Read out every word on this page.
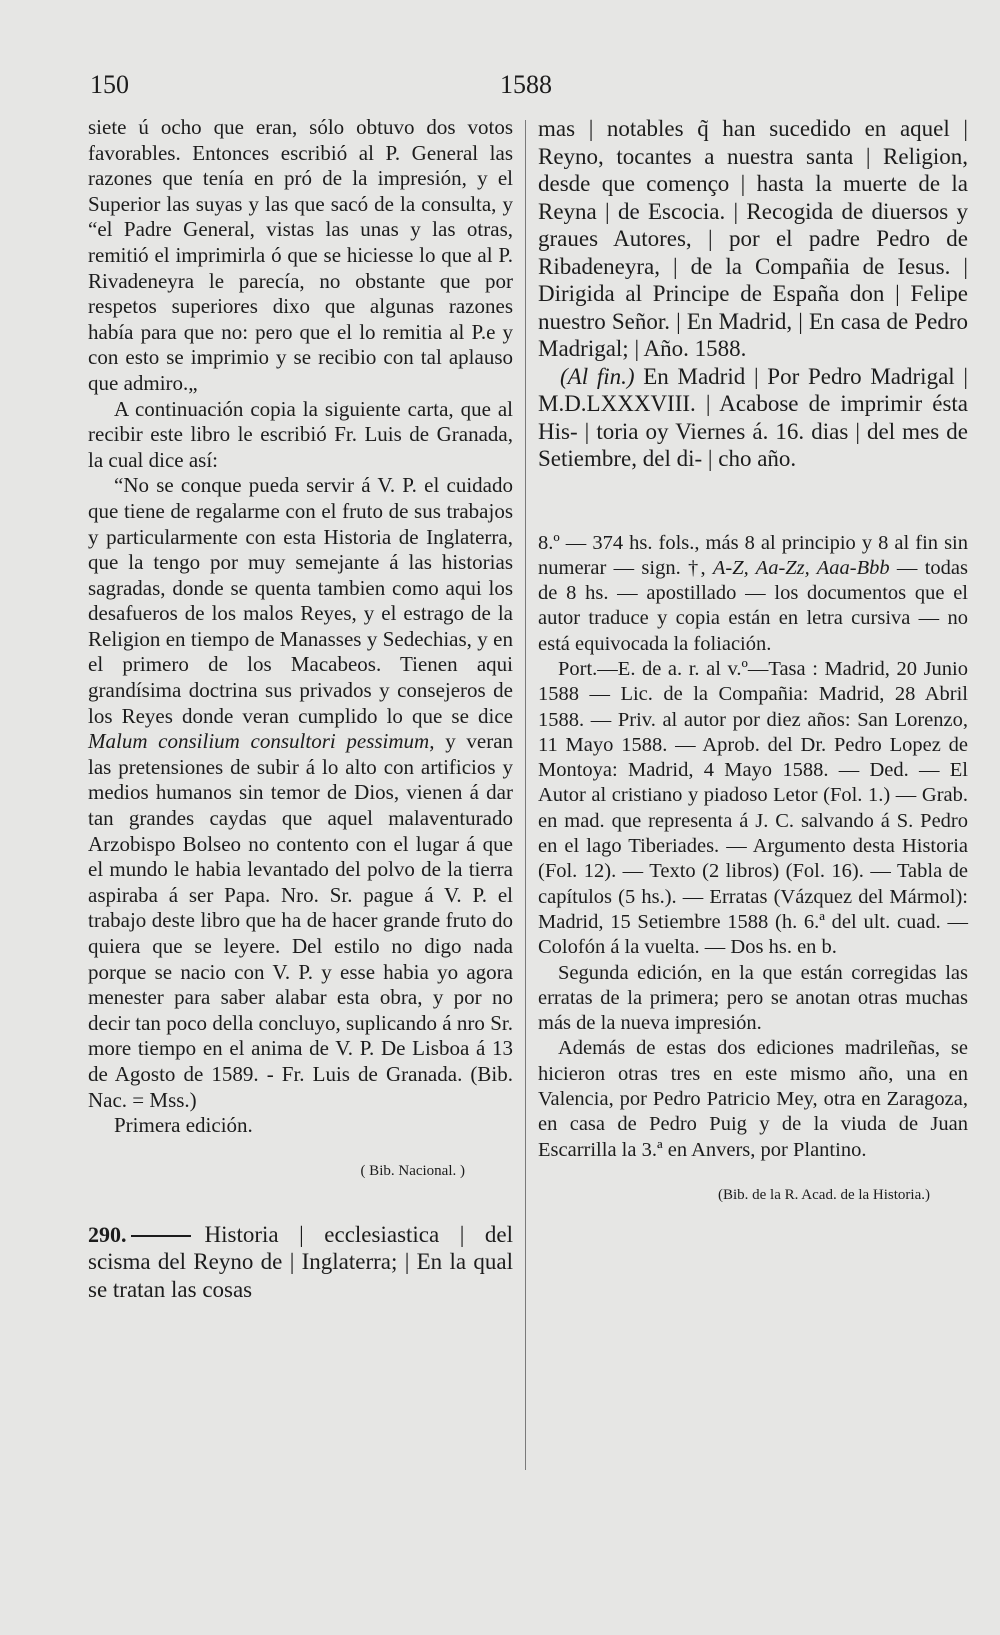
150	1588

siete ú ocho que eran, sólo obtuvo dos votos favorables. Entonces escribió al P. General las razones que tenía en pró de la impresión, y el Superior las suyas y las que sacó de la consulta, y “el Padre General, vistas las unas y las otras, remitió el imprimirla ó que se hiciesse lo que al P. Rivadeneyra le parecía, no obstante que por respetos superiores dixo que algunas razones había para que no: pero que el lo remitia al P.e y con esto se imprimio y se recibio con tal aplauso que admiro.„

A continuación copia la siguiente carta, que al recibir este libro le escribió Fr. Luis de Granada, la cual dice así:

“No se conque pueda servir á V. P. el cuidado que tiene de regalarme con el fruto de sus trabajos y particularmente con esta Historia de Inglaterra, que la tengo por muy semejante á las historias sagradas, donde se quenta tambien como aqui los desafueros de los malos Reyes, y el estrago de la Religion en tiempo de Manasses y Sedechias, y en el primero de los Macabeos. Tienen aqui grandísima doctrina sus privados y consejeros de los Reyes donde veran cumplido lo que se dice Malum consilium consultori pessimum, y veran las pretensiones de subir á lo alto con artificios y medios humanos sin temor de Dios, vienen á dar tan grandes caydas que aquel malaventurado Arzobispo Bolseo no contento con el lugar á que el mundo le habia levantado del polvo de la tierra aspiraba á ser Papa. Nro. Sr. pague á V. P. el trabajo deste libro que ha de hacer grande fruto do quiera que se leyere. Del estilo no digo nada porque se nacio con V. P. y esse habia yo agora menester para saber alabar esta obra, y por no decir tan poco della concluyo, suplicando á nro Sr. more tiempo en el anima de V. P. De Lisboa á 13 de Agosto de 1589. - Fr. Luis de Granada. (Bib. Nac. = Mss.)

Primera edición.

( Bib. Nacional. )

290.	Historia | ecclesiastica | del scisma del Reyno de | Inglaterra; | En la qual se tratan las cosas

mas | notables q̃ han sucedido en aquel | Reyno, tocantes a nuestra santa | Religion, desde que començo | hasta la muerte de la Reyna | de Escocia. | Recogida de diuersos y graues Autores, | por el padre Pedro de Ribadeneyra, | de la Compañia de Iesus. | Dirigida al Principe de España don | Felipe nuestro Señor. | En Madrid, | En casa de Pedro Madrigal; | Año. 1588.

(Al fin.) En Madrid | Por Pedro Madrigal | M.D.LXXXVIII. | Acabose de imprimir ésta His- | toria oy Viernes á. 16. dias | del mes de Setiembre, del di- | cho año.

8.º — 374 hs. fols., más 8 al principio y 8 al fin sin numerar — sign. †, A-Z, Aa-Zz, Aaa-Bbb — todas de 8 hs. — apostillado — los documentos que el autor traduce y copia están en letra cursiva — no está equivocada la foliación.

Port.—E. de a. r. al v.º—Tasa : Madrid, 20 Junio 1588 — Lic. de la Compañia: Madrid, 28 Abril 1588. — Priv. al autor por diez años: San Lorenzo, 11 Mayo 1588. — Aprob. del Dr. Pedro Lopez de Montoya: Madrid, 4 Mayo 1588. — Ded. — El Autor al cristiano y piadoso Letor (Fol. 1.) — Grab. en mad. que representa á J. C. salvando á S. Pedro en el lago Tiberiades. — Argumento desta Historia (Fol. 12). — Texto (2 libros) (Fol. 16). — Tabla de capítulos (5 hs.). — Erratas (Vázquez del Mármol): Madrid, 15 Setiembre 1588 (h. 6.ª del ult. cuad. — Colofón á la vuelta. — Dos hs. en b.

Segunda edición, en la que están corregidas las erratas de la primera; pero se anotan otras muchas más de la nueva impresión.

Además de estas dos ediciones madrileñas, se hicieron otras tres en este mismo año, una en Valencia, por Pedro Patricio Mey, otra en Zaragoza, en casa de Pedro Puig y de la viuda de Juan Escarrilla la 3.ª en Anvers, por Plantino.

(Bib. de la R. Acad. de la Historia.)
